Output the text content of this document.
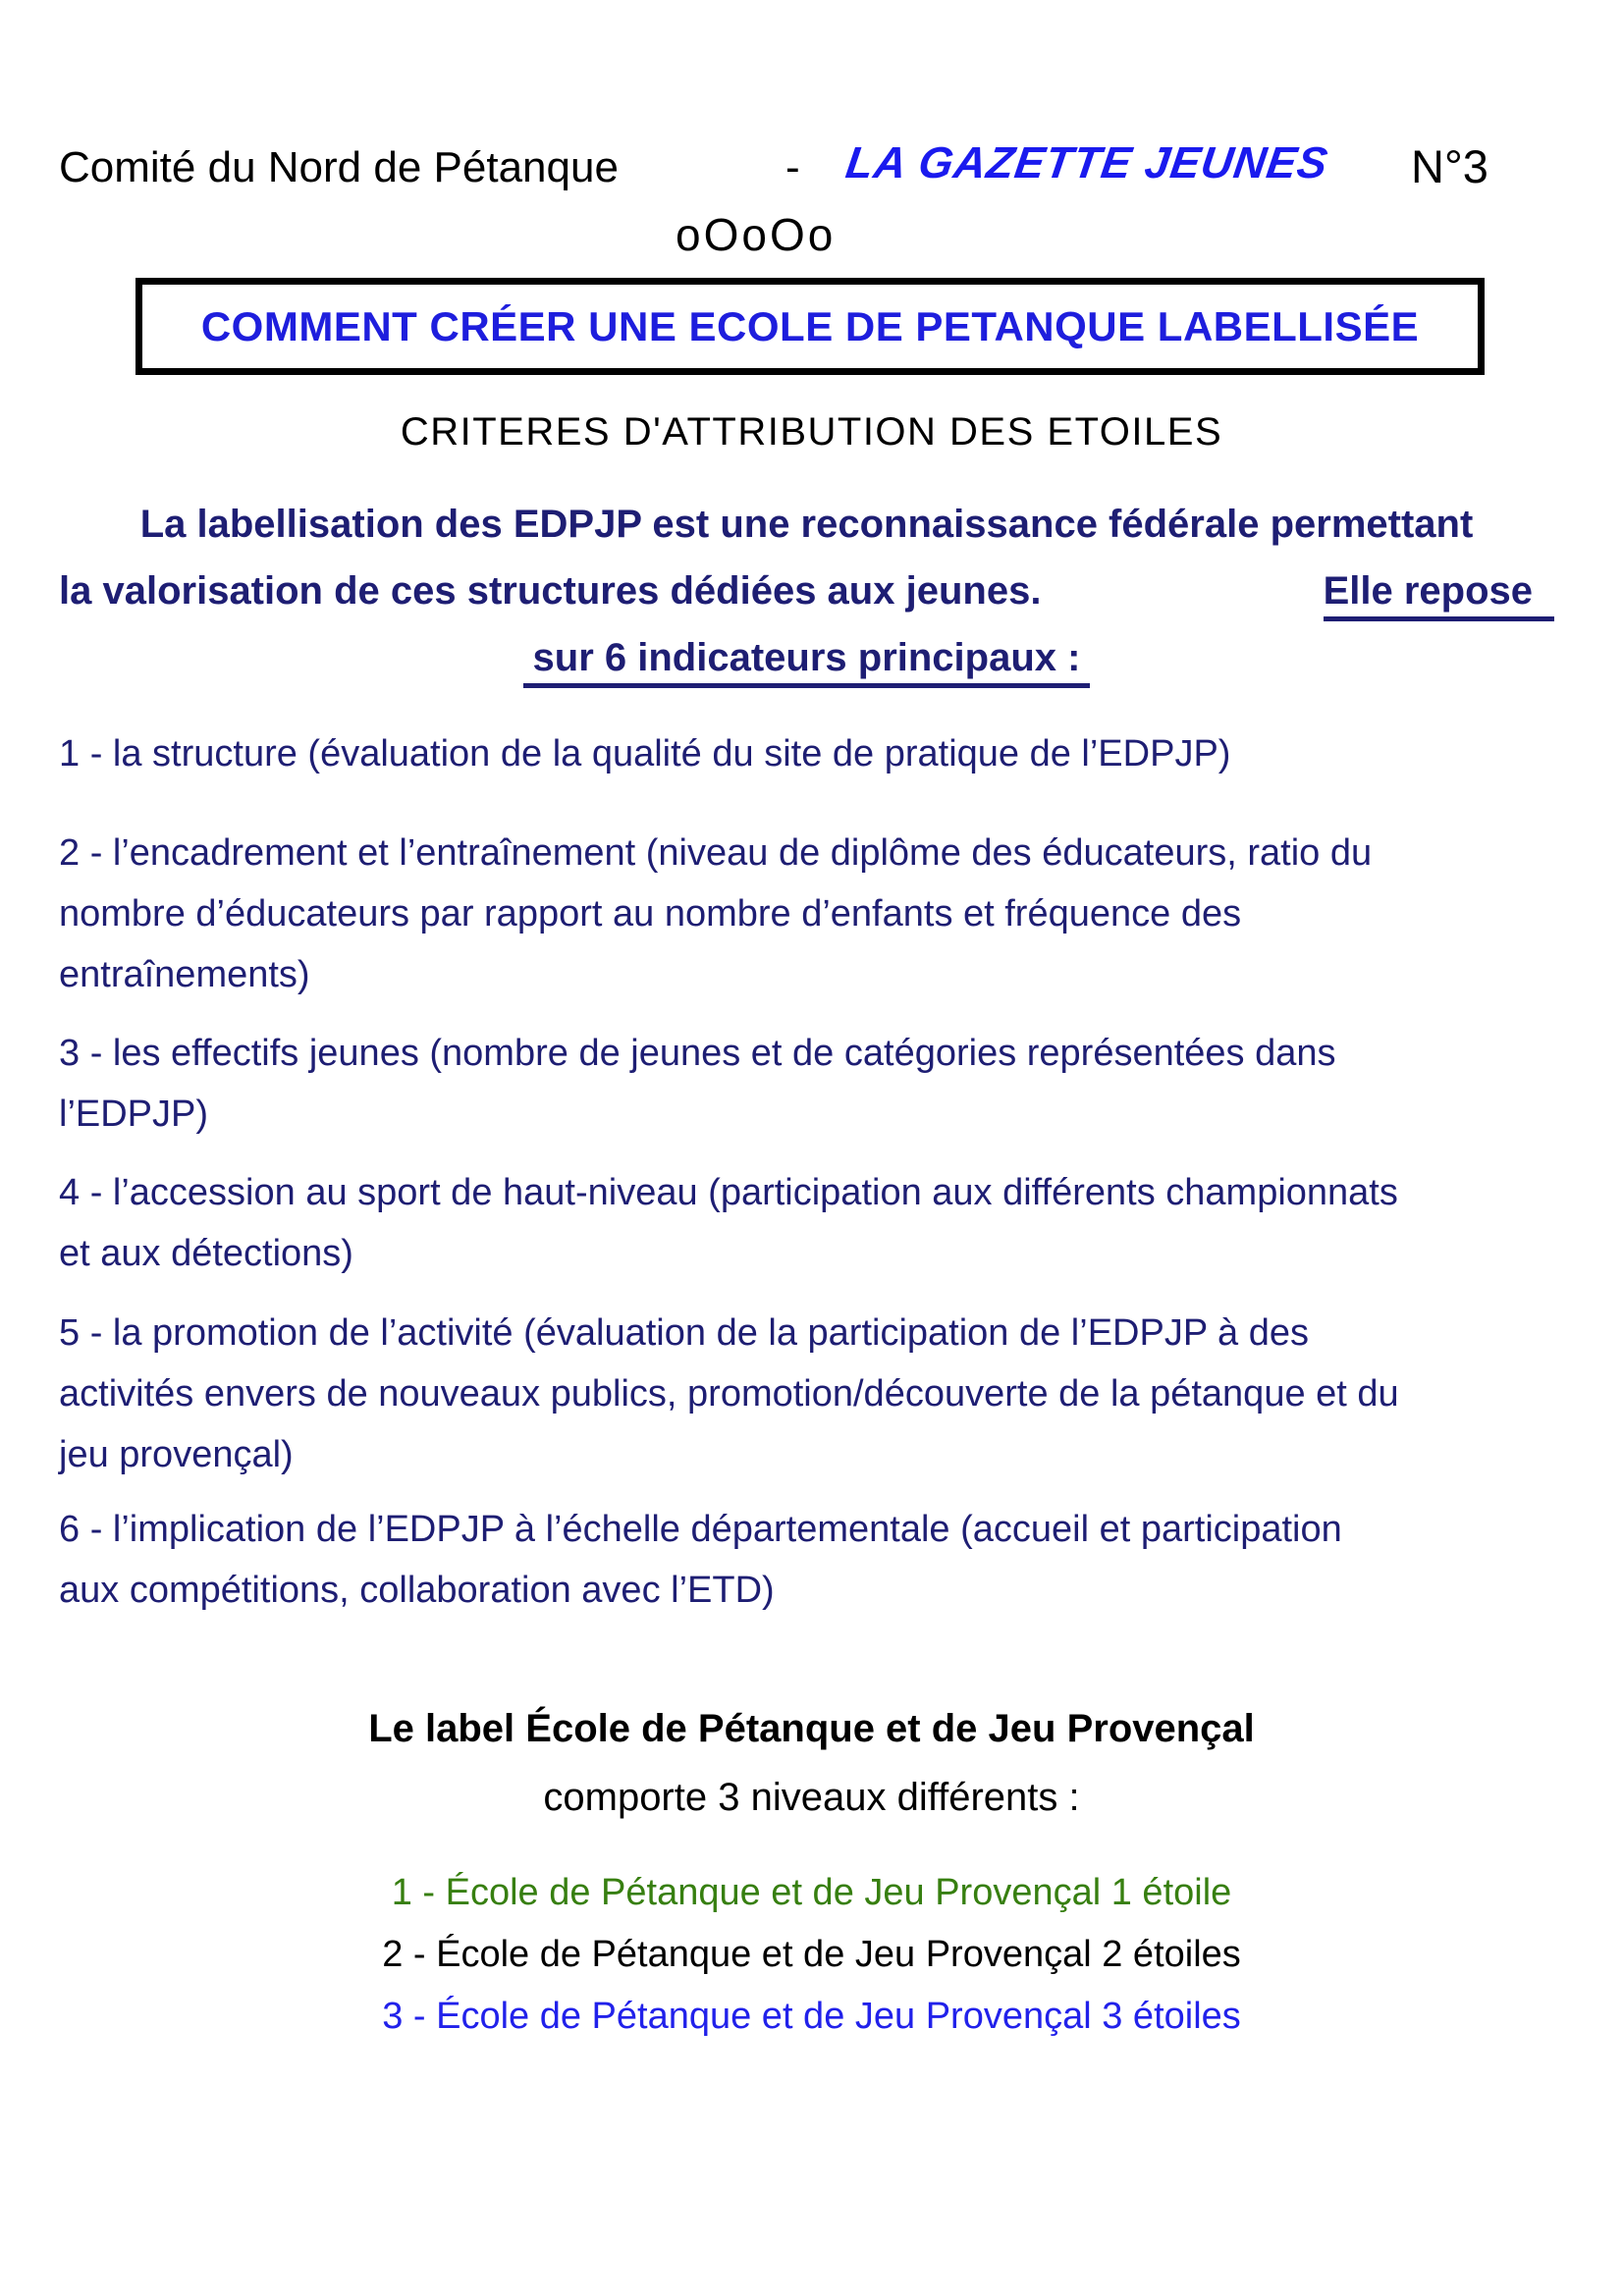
Comité du Nord de Pétanque	- LA GAZETTE JEUNES N°3
oOoOo
COMMENT CRÉER UNE ECOLE DE PETANQUE LABELLISÉE
CRITERES D'ATTRIBUTION DES ETOILES
La labellisation des EDPJP est une reconnaissance fédérale permettant
la valorisation de ces structures dédiées aux jeunes.	Elle repose
sur 6 indicateurs principaux :
1 - la structure (évaluation de la qualité du site de pratique de l’EDPJP)
2 - l’encadrement et l’entraînement (niveau de diplôme des éducateurs, ratio du
nombre d’éducateurs par rapport au nombre d’enfants et fréquence des
entraînements)
3 - les effectifs jeunes (nombre de jeunes et de catégories représentées dans
l’EDPJP)
4 - l’accession au sport de haut-niveau (participation aux différents championnats
et aux détections)
5 - la promotion de l’activité (évaluation de la participation de l’EDPJP à des
activités envers de nouveaux publics, promotion/découverte de la pétanque et du
jeu provençal)
6 - l’implication de l’EDPJP à l’échelle départementale (accueil et participation
aux compétitions, collaboration avec l’ETD)
Le label École de Pétanque et de Jeu Provençal
comporte 3 niveaux différents :
1 - École de Pétanque et de Jeu Provençal 1 étoile
2 - École de Pétanque et de Jeu Provençal 2 étoiles
3 - École de Pétanque et de Jeu Provençal 3 étoiles
